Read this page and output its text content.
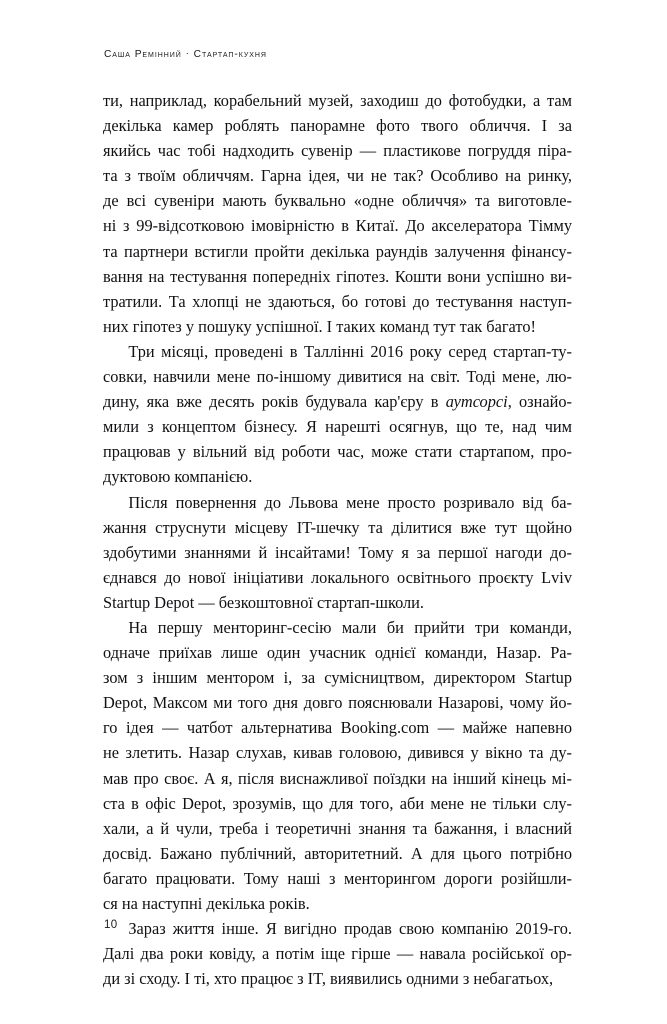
Саша Ремінний · Стартап-кухня

ти, наприклад, корабельний музей, заходиш до фотобудки, а там
декілька камер роблять панорамне фото твого обличчя. І за
якийсь час тобі надходить сувенір — пластикове погруддя піра-
та з твоїм обличчям. Гарна ідея, чи не так? Особливо на ринку,
де всі сувеніри мають буквально «одне обличчя» та виготовле-
ні з 99-відсотковою імовірністю в Китаї. До акселератора Тімму
та партнери встигли пройти декілька раундів залучення фінансу-
вання на тестування попередніх гіпотез. Кошти вони успішно ви-
тратили. Та хлопці не здаються, бо готові до тестування наступ-
них гіпотез у пошуку успішної. І таких команд тут так багато!

Три місяці, проведені в Таллінні 2016 року серед стартап-ту-
совки, навчили мене по-іншому дивитися на світ. Тоді мене, лю-
дину, яка вже десять років будувала кар'єру в аутсорсі, ознайо-
мили з концептом бізнесу. Я нарешті осягнув, що те, над чим
працював у вільний від роботи час, може стати стартапом, про-
дуктовою компанією.

Після повернення до Львова мене просто розривало від ба-
жання струснути місцеву IT-шечку та ділитися вже тут щойно
здобутими знаннями й інсайтами! Тому я за першої нагоди до-
єднався до нової ініціативи локального освітнього проєкту Lviv
Startup Depot — безкоштовної стартап-школи.

На першу менторинг-сесію мали би прийти три команди,
одначе приїхав лише один учасник однієї команди, Назар. Ра-
зом з іншим ментором і, за сумісництвом, директором Startup
Depot, Максом ми того дня довго пояснювали Назарові, чому йо-
го ідея — чатбот альтернатива Booking.com — майже напевно
не злетить. Назар слухав, кивав головою, дивився у вікно та ду-
мав про своє. А я, після виснажливої поїздки на інший кінець мі-
ста в офіс Depot, зрозумів, що для того, аби мене не тільки слу-
хали, а й чули, треба і теоретичні знання та бажання, і власний
досвід. Бажано публічний, авторитетний. А для цього потрібно
багато працювати. Тому наші з менторингом дороги розійшли-
ся на наступні декілька років.

Зараз життя інше. Я вигідно продав свою компанію 2019-го.
Далі два роки ковіду, а потім іще гірше — навала російської ор-
ди зі сходу. І ті, хто працює з IT, виявились одними з небагатьох,

10
